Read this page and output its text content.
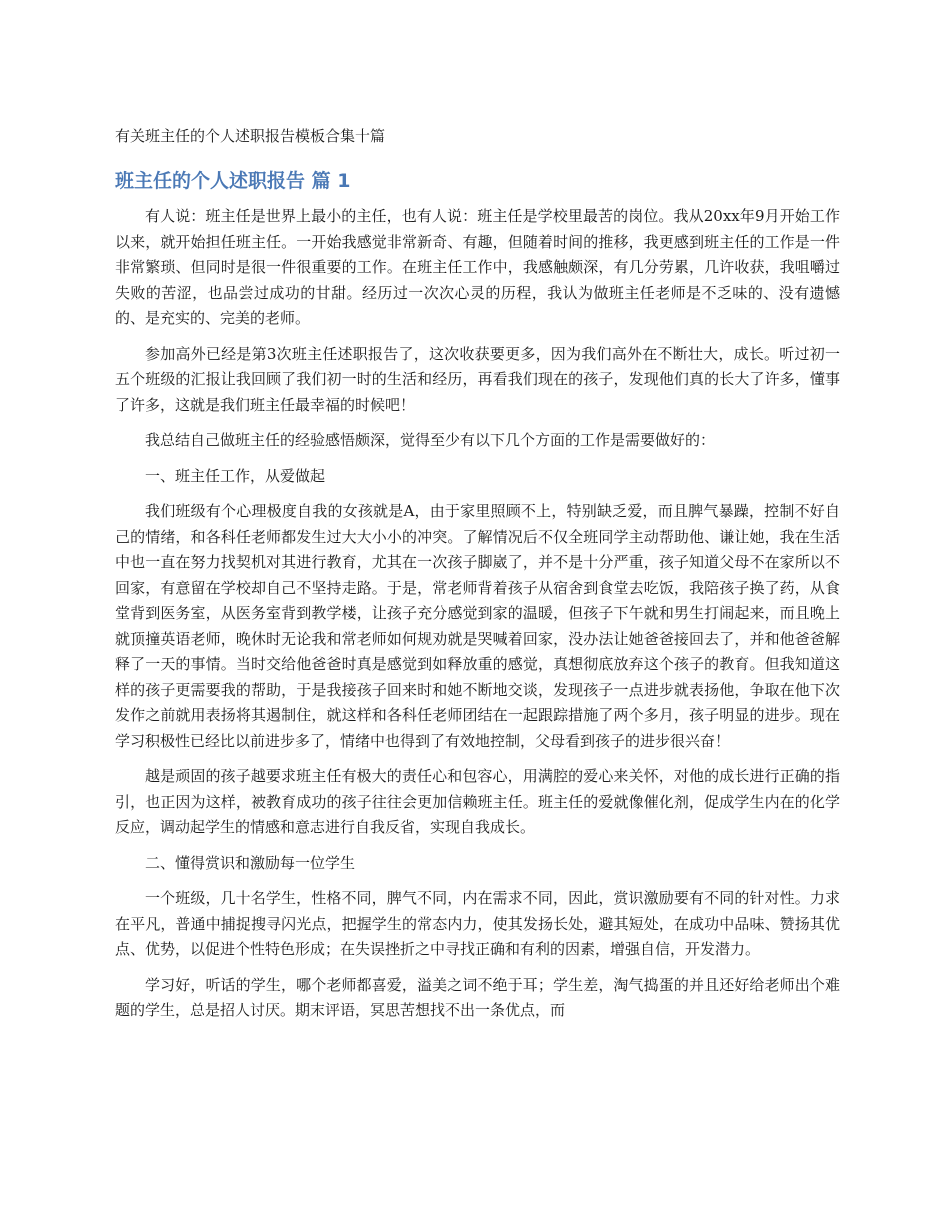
有关班主任的个人述职报告模板合集十篇

班主任的个人述职报告 篇 1

有人说：班主任是世界上最小的主任，也有人说：班主任是学校里最苦的岗位。我从20xx年9月开始工作以来，就开始担任班主任。一开始我感觉非常新奇、有趣，但随着时间的推移，我更感到班主任的工作是一件非常繁琐、但同时是很一件很重要的工作。在班主任工作中，我感触颇深，有几分劳累，几许收获，我咀嚼过失败的苦涩，也品尝过成功的甘甜。经历过一次次心灵的历程，我认为做班主任老师是不乏味的、没有遗憾的、是充实的、完美的老师。

参加高外已经是第3次班主任述职报告了，这次收获要更多，因为我们高外在不断壮大，成长。听过初一五个班级的汇报让我回顾了我们初一时的生活和经历，再看我们现在的孩子，发现他们真的长大了许多，懂事了许多，这就是我们班主任最幸福的时候吧！

我总结自己做班主任的经验感悟颇深，觉得至少有以下几个方面的工作是需要做好的：

一、班主任工作，从爱做起

我们班级有个心理极度自我的女孩就是A，由于家里照顾不上，特别缺乏爱，而且脾气暴躁，控制不好自己的情绪，和各科任老师都发生过大大小小的冲突。了解情况后不仅全班同学主动帮助他、谦让她，我在生活中也一直在努力找契机对其进行教育，尤其在一次孩子脚崴了，并不是十分严重，孩子知道父母不在家所以不回家，有意留在学校却自己不坚持走路。于是，常老师背着孩子从宿舍到食堂去吃饭，我陪孩子换了药，从食堂背到医务室，从医务室背到教学楼，让孩子充分感觉到家的温暖，但孩子下午就和男生打闹起来，而且晚上就顶撞英语老师，晚休时无论我和常老师如何规劝就是哭喊着回家，没办法让她爸爸接回去了，并和他爸爸解释了一天的事情。当时交给他爸爸时真是感觉到如释放重的感觉，真想彻底放弃这个孩子的教育。但我知道这样的孩子更需要我的帮助，于是我接孩子回来时和她不断地交谈，发现孩子一点进步就表扬他，争取在他下次发作之前就用表扬将其遏制住，就这样和各科任老师团结在一起跟踪措施了两个多月，孩子明显的进步。现在学习积极性已经比以前进步多了，情绪中也得到了有效地控制，父母看到孩子的进步很兴奋！

越是顽固的孩子越要求班主任有极大的责任心和包容心，用满腔的爱心来关怀，对他的成长进行正确的指引，也正因为这样，被教育成功的孩子往往会更加信赖班主任。班主任的爱就像催化剂，促成学生内在的化学反应，调动起学生的情感和意志进行自我反省，实现自我成长。

二、懂得赏识和激励每一位学生

一个班级，几十名学生，性格不同，脾气不同，内在需求不同，因此，赏识激励要有不同的针对性。力求在平凡，普通中捕捉搜寻闪光点，把握学生的常态内力，使其发扬长处，避其短处，在成功中品味、赞扬其优点、优势，以促进个性特色形成；在失误挫折之中寻找正确和有利的因素，增强自信，开发潜力。

学习好，听话的学生，哪个老师都喜爱，溢美之词不绝于耳；学生差，淘气捣蛋的并且还好给老师出个难题的学生，总是招人讨厌。期末评语，冥思苦想找不出一条优点，而
